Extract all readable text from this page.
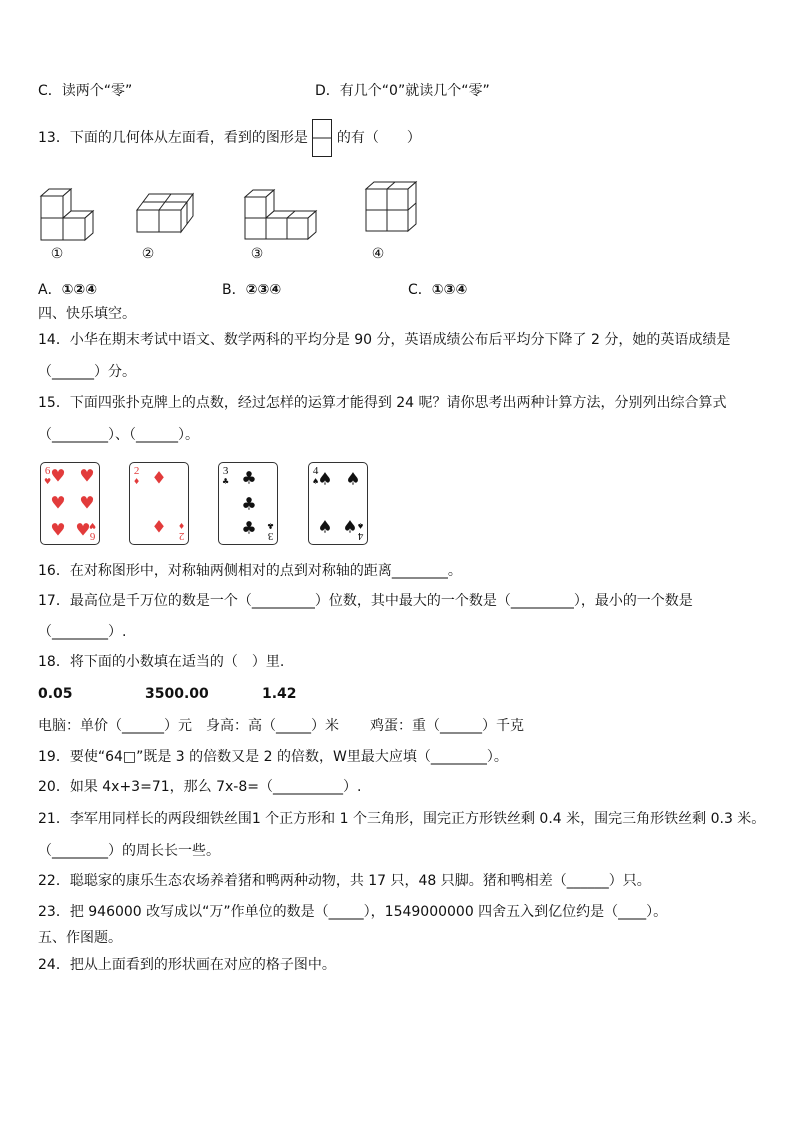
C．读两个“零”	D．有几个“0”就读几个“零”
13．下面的几何体从左面看，看到的图形是 的有（　　）
①	②	③	④
A．①②④	B．②③④	C．①③④
四、快乐填空。
14．小华在期末考试中语文、数学两科的平均分是 90 分，英语成绩公布后平均分下降了 2 分，她的英语成绩是
（______）分。
15．下面四张扑克牌上的点数，经过怎样的运算才能得到 24 呢？请你思考出两种计算方法，分别列出综合算式
（________）、（______）。
6
♥
6
♥
♥ ♥
♥ ♥
♥ ♥
2
♦
2
♦
♦
♦
3
♣
3
♣
♣
♣
♣
4
♠
4
♠
♠ ♠
♠ ♠
16．在对称图形中，对称轴两侧相对的点到对称轴的距离________。
17．最高位是千万位的数是一个（_________）位数，其中最大的一个数是（_________），最小的一个数是
（________）.
18．将下面的小数填在适当的（　）里.
0.05	3500.00	1.42
电脑：单价（______）元 身高：高（_____）米 鸡蛋：重（______）千克
19．要使“64□”既是 3 的倍数又是 2 的倍数，W里最大应填（________）。
20．如果 4x+3=71，那么 7x-8=（__________）.
21．李军用同样长的两段细铁丝围1 个正方形和 1 个三角形，围完正方形铁丝剩 0.4 米，围完三角形铁丝剩 0.3 米。
（________）的周长长一些。
22．聪聪家的康乐生态农场养着猪和鸭两种动物，共 17 只，48 只脚。猪和鸭相差（______）只。
23．把 946000 改写成以“万”作单位的数是（_____），1549000000 四舍五入到亿位约是（____）。
五、作图题。
24．把从上面看到的形状画在对应的格子图中。
